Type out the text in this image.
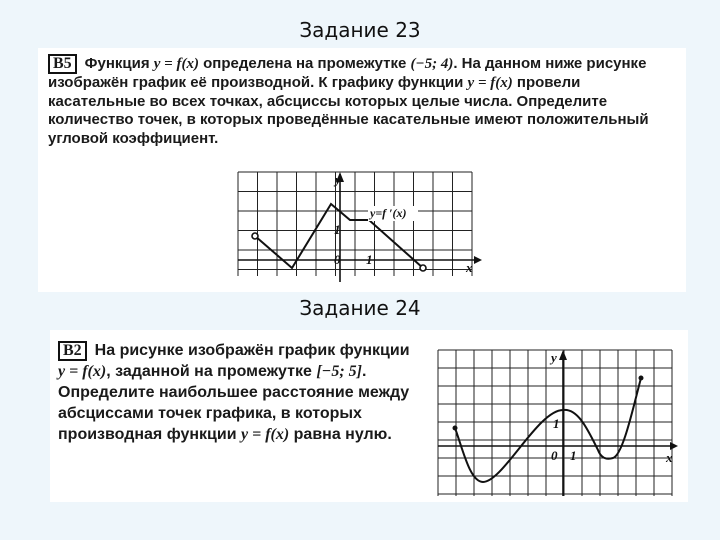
Задание 23
B5 Функция y = f(x) определена на промежутке (−5; 4). На данном ниже рисунке изображён график её производной. К графику функции y = f(x) провели касательные во всех точках, абсциссы которых целые числа. Определите количество точек, в которых проведённые касательные имеют положительный угловой коэффициент.
y=f ′(x)
y
x
0 1
1
Задание 24
B2 На рисунке изображён график функции y = f(x), заданной на промежутке [−5; 5]. Определите наибольшее расстояние между абсциссами точек графика, в которых производная функции y = f(x) равна нулю.
y
x
0 1
1
